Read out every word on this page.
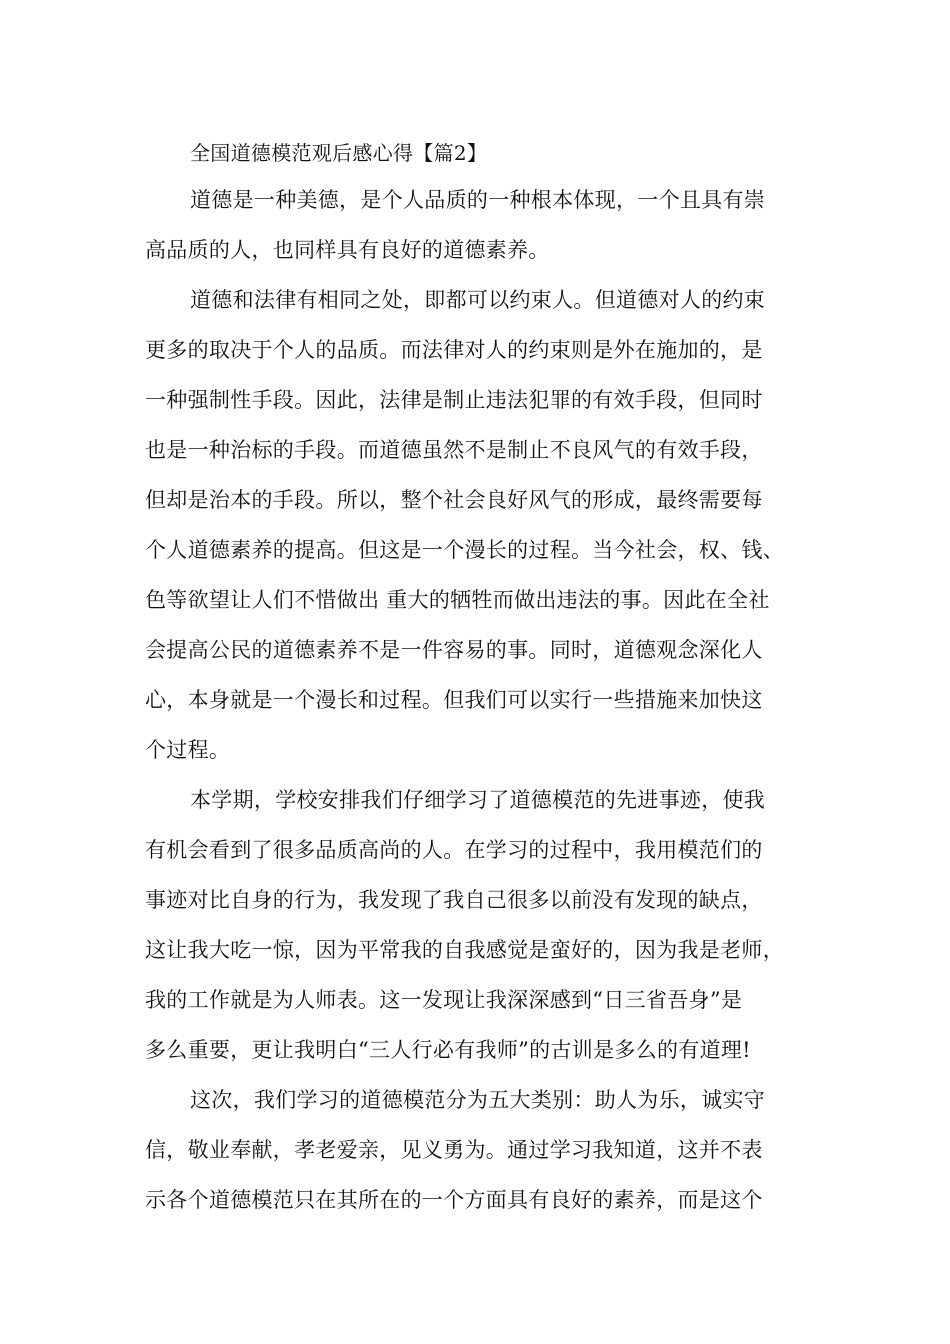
全国道德模范观后感心得【篇2】
道德是一种美德，是个人品质的一种根本体现，一个且具有崇
高品质的人，也同样具有良好的道德素养。
道德和法律有相同之处，即都可以约束人。但道德对人的约束
更多的取决于个人的品质。而法律对人的约束则是外在施加的，是
一种强制性手段。因此，法律是制止违法犯罪的有效手段，但同时
也是一种治标的手段。而道德虽然不是制止不良风气的有效手段，
但却是治本的手段。所以，整个社会良好风气的形成，最终需要每
个人道德素养的提高。但这是一个漫长的过程。当今社会，权、钱、
色等欲望让人们不惜做出 重大的牺牲而做出违法的事。因此在全社
会提高公民的道德素养不是一件容易的事。同时，道德观念深化人
心，本身就是一个漫长和过程。但我们可以实行一些措施来加快这
个过程。
本学期，学校安排我们仔细学习了道德模范的先进事迹，使我
有机会看到了很多品质高尚的人。在学习的过程中，我用模范们的
事迹对比自身的行为，我发现了我自己很多以前没有发现的缺点，
这让我大吃一惊，因为平常我的自我感觉是蛮好的，因为我是老师，
我的工作就是为人师表。这一发现让我深深感到“日三省吾身”是
多么重要，更让我明白“三人行必有我师”的古训是多么的有道理!
这次，我们学习的道德模范分为五大类别：助人为乐，诚实守
信，敬业奉献，孝老爱亲，见义勇为。通过学习我知道，这并不表
示各个道德模范只在其所在的一个方面具有良好的素养，而是这个
